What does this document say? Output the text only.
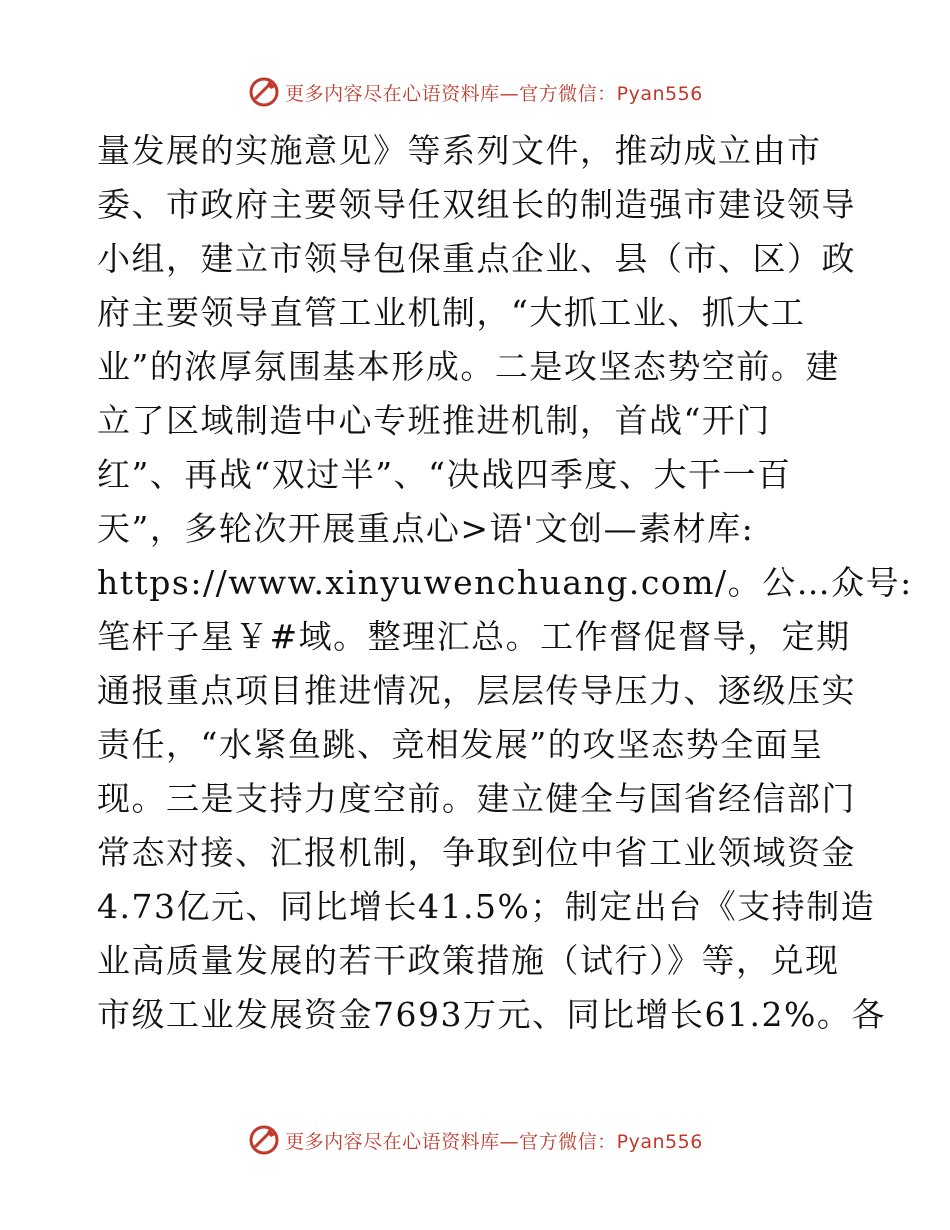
更多内容尽在心语资料库—官方微信：Pyan556
量发展的实施意见》等系列文件，推动成立由市
委、市政府主要领导任双组长的制造强市建设领导
小组，建立市领导包保重点企业、县（市、区）政
府主要领导直管工业机制，“大抓工业、抓大工
业”的浓厚氛围基本形成。二是攻坚态势空前。建
立了区域制造中心专班推进机制，首战“开门
红”、再战“双过半”、“决战四季度、大干一百
天”，多轮次开展重点心>语'文创—素材库:
https://www.xinyuwenchuang.com/。公…众号:
笔杆子星￥#域。整理汇总。工作督促督导，定期
通报重点项目推进情况，层层传导压力、逐级压实
责任，“水紧鱼跳、竞相发展”的攻坚态势全面呈
现。三是支持力度空前。建立健全与国省经信部门
常态对接、汇报机制，争取到位中省工业领域资金
4.73亿元、同比增长41.5%；制定出台《支持制造
业高质量发展的若干政策措施（试行）》等，兑现
市级工业发展资金7693万元、同比增长61.2%。各
更多内容尽在心语资料库—官方微信：Pyan556
